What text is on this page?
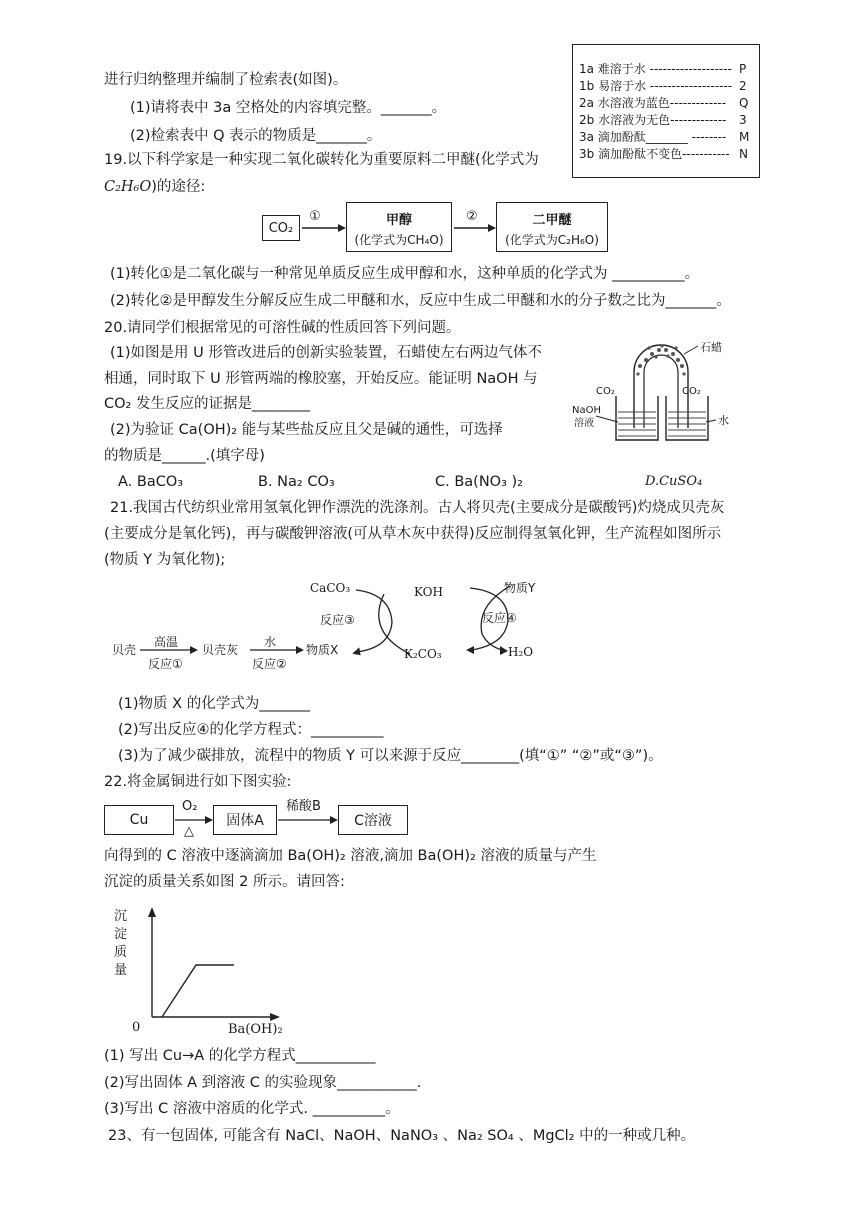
1a 难溶于水 ------------------- P
1b 易溶于水 ------------------- 2
2a 水溶液为蓝色------------- Q
2b 水溶液为无色------------- 3
3a 滴加酚酞_______ -------- M
3b 滴加酚酞不变色----------- N
进行归纳整理并编制了检索表(如图)。
(1)请将表中 3a 空格处的内容填完整。_______。
(2)检索表中 Q 表示的物质是_______。
19.以下科学家是一种实现二氧化碳转化为重要原料二甲醚(化学式为
C₂H₆O)的途径:
CO₂
①	甲醇
(化学式为CH₄O)
②	二甲醚
(化学式为C₂H₆O)
(1)转化①是二氧化碳与一种常见单质反应生成甲醇和水，这种单质的化学式为 __________。
(2)转化②是甲醇发生分解反应生成二甲醚和水，反应中生成二甲醚和水的分子数之比为_______。
20.请同学们根据常见的可溶性碱的性质回答下列问题。
(1)如图是用 U 形管改进后的创新实验装置，石蜡使左右两边气体不
相通，同时取下 U 形管两端的橡胶塞，开始反应。能证明 NaOH 与
CO₂ 发生反应的证据是________
(2)为验证 Ca(OH)₂ 能与某些盐反应且父是碱的通性，可选择
的物质是______.(填字母)
A. BaCO₃	B. Na₂ CO₃	C. Ba(NO₃ )₂	D.CuSO₄
石蜡
CO₂	CO₂
NaOH
溶液	水
21.我国古代纺织业常用氢氧化钾作漂洗的洗涤剂。古人将贝壳(主要成分是碳酸钙)灼烧成贝壳灰
(主要成分是氧化钙)，再与碳酸钾溶液(可从草木灰中获得)反应制得氢氧化钾，生产流程如图所示
(物质 Y 为氧化物);
CaCO₃	KOH	物质Y
反应③	反应④
贝壳
高温
反应①
贝壳灰
水
反应②
物质X	K₂CO₃	H₂O
(1)物质 X 的化学式为_______
(2)写出反应④的化学方程式：__________
(3)为了减少碳排放，流程中的物质 Y 可以来源于反应________(填“①” “②”或“③”)。
22.将金属铜进行如下图实验:
Cu
O₂
△
固体A
稀酸B
C溶液
向得到的 C 溶液中逐滴滴加 Ba(OH)₂ 溶液,滴加 Ba(OH)₂ 溶液的质量与产生
沉淀的质量关系如图 2 所示。请回答:
沉
淀
质
量
0	Ba(OH)₂
(1) 写出 Cu→A 的化学方程式___________
(2)写出固体 A 到溶液 C 的实验现象___________.
(3)写出 C 溶液中溶质的化学式. __________。
23、有一包固体, 可能含有 NaCl、NaOH、NaNO₃ 、Na₂ SO₄ 、MgCl₂ 中的一种或几种。
